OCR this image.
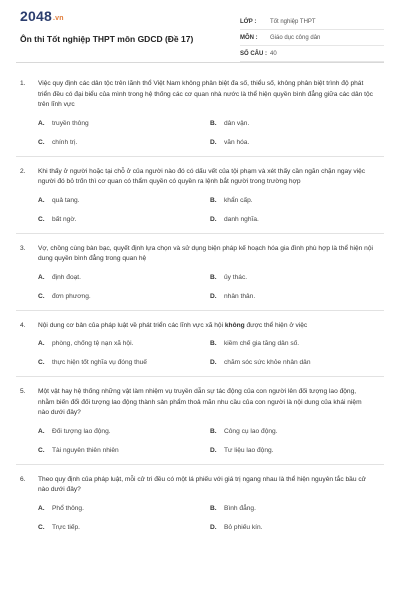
2048.vn
Ôn thi Tốt nghiệp THPT môn GDCD (Đề 17)
LỚP :	Tốt nghiệp THPT
MÔN :	Giáo dục công dân
SỐ CÂU : 40
1.	Việc quy định các dân tộc trên lãnh thổ Việt Nam không phân biệt đa số, thiểu số, không phân biệt trình độ phát triển đều có đại biểu của mình trong hệ thống các cơ quan nhà nước là thể hiện quyền bình đẳng giữa các dân tộc trên lĩnh vực
A.	truyền thông	B.	dân vận.
C.	chính trị.	D.	văn hóa.
2.	Khi thấy ở người hoặc tại chỗ ở của người nào đó có dấu vết của tội phạm và xét thấy cần ngăn chặn ngay việc người đó bỏ trốn thì cơ quan có thẩm quyền có quyền ra lệnh bắt người trong trường hợp
A.	quả tang.	B.	khẩn cấp.
C.	bất ngờ.	D.	danh nghĩa.
3.	Vợ, chồng cùng bàn bạc, quyết định lựa chọn và sử dụng biện pháp kế hoạch hóa gia đình phù hợp là thể hiện nội dung quyền bình đẳng trong quan hệ
A.	định đoạt.	B.	ủy thác.
C.	đơn phương.	D.	nhân thân.
4.	Nội dung cơ bản của pháp luật về phát triển các lĩnh vực xã hội không được thể hiện ở việc
A.	phòng, chống tệ nạn xã hội.	B.	kiềm chế gia tăng dân số.
C.	thực hiện tốt nghĩa vụ đóng thuế	D.	chăm sóc sức khỏe nhân dân
5.	Một vật hay hệ thống những vật làm nhiệm vụ truyền dẫn sự tác động của con người lên đối tượng lao động, nhằm biến đổi đối tượng lao động thành sản phẩm thoả mãn nhu cầu của con người là nội dung của khái niệm nào dưới đây?
A.	Đối tượng lao động.	B.	Công cụ lao động.
C.	Tài nguyên thiên nhiên	D.	Tư liệu lao động.
6.	Theo quy định của pháp luật, mỗi cử tri đều có một lá phiếu với giá trị ngang nhau là thể hiện nguyên tắc bầu cử nào dưới đây?
A.	Phổ thông.	B.	Bình đẳng.
C.	Trực tiếp.	D.	Bỏ phiếu kín.
